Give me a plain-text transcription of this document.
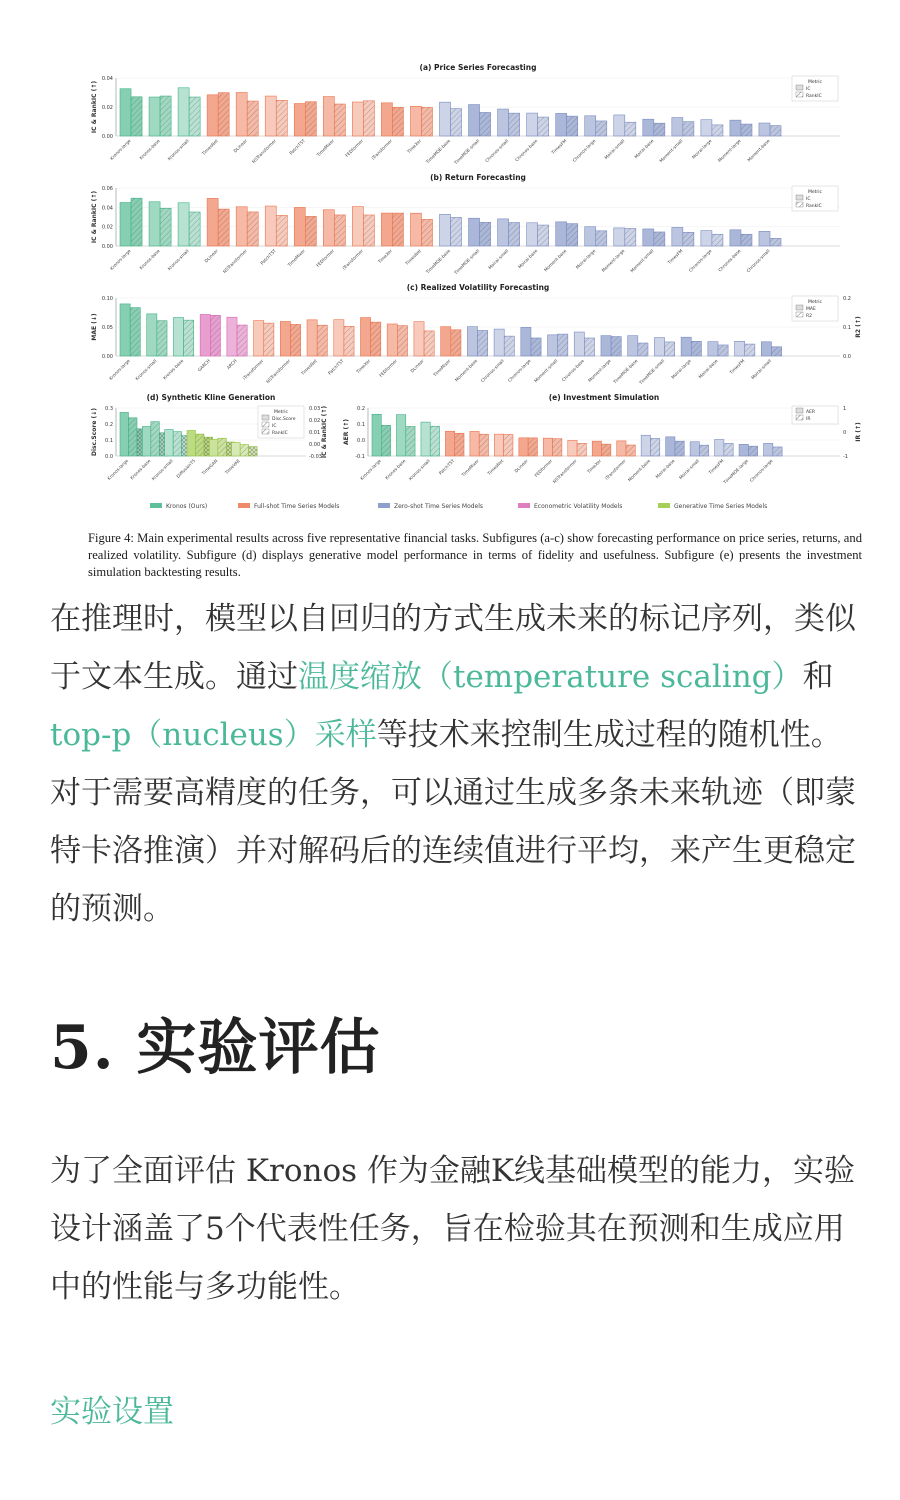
(a) Price Series Forecasting
IC & RankIC (↑)
0.00
0.02
0.04
Metric
IC
RankIC
Kronos-large Kronos-base Kronos-small	TimesNet	DLinear NSTransformer	PatchTST	TimeMixer FEDformer iTransformer	TimeXer TimeMOE-base TimeMOE-small Chronos-small Chronos-base	TimesFM Chronos-large Moirai-small Moirai-base Moment-small Moirai-large Moment-large Moment-base
(b) Return Forecasting
IC & RankIC (↑)
0.00
0.02
0.04
0.06
Metric
IC
RankIC
Kronos-large Kronos-base Kronos-small	DLinear NSTransformer	PatchTST	TimeMixer FEDformer iTransformer	TimeXer	TimesNet TimeMOE-base TimeMOE-small Moirai-small Moirai-base Moment-base Moirai-large Moment-large Moment-small	TimesFM Chronos-large Chronos-base Chronos-small
(c) Realized Volatility Forecasting
MAE (↓)
0.00
0.05
0.10
R2 (↑)
0.0
0.1
0.2
Metric
MAE
R2
Kronos-large Kronos-small Kronos-base	GARCH	ARCH iTransformer NSTransformer	TimesNet PatchTST	TimeXer FEDformer	DLinear	TimeMixer Moment-base Chronos-small Chronos-large Moment-small Chronos-base Moment-large TimeMOE-base TimeMOE-small Moirai-large Moirai-base	TimesFM Moirai-small
(d) Synthetic Kline Generation
Disc.Score (↓)
0.0
0.1
0.2
0.3	IC & RankIC (↑)
-0.03
0.00
0.01
0.02
0.03
Metric
Disc.Score
IC
RankIC
Kronos-large Kronos-base Kronos-small DiffusionTS	TimeGAN	TimeVAE
(e) Investment Simulation
AER (↑)
-0.1
0.0
0.1
0.2
IR (↑)
-1
0
1
AER
IR
Kronos-large Kronos-base Kronos-small PatchTST	TimeMixer	TimesNet DLinear FEDformer
NSTransformer	TimeXer iTransformer Moment-base Moirai-base Moirai-small	TimesFM
TimeMOE-large Chronos-large
Kronos (Ours)	Full-shot Time Series Models	Zero-shot Time Series Models	Econometric Volatility Models	Generative Time Series Models
Figure 4: Main experimental results across five representative financial tasks. Subfigures (a-c) show forecasting performance on price series, returns, and realized volatility. Subfigure (d) displays generative model performance in terms of fidelity and usefulness. Subfigure (e) presents the investment simulation backtesting results.

在推理时，模型以自回归的方式生成未来的标记序列，类似于文本生成。通过温度缩放（temperature scaling）和top-p（nucleus）采样等技术来控制生成过程的随机性。对于需要高精度的任务，可以通过生成多条未来轨迹（即蒙特卡洛推演）并对解码后的连续值进行平均，来产生更稳定的预测。

5. 实验评估

为了全面评估 Kronos 作为金融K线基础模型的能力，实验设计涵盖了5个代表性任务，旨在检验其在预测和生成应用中的性能与多功能性。

实验设置
